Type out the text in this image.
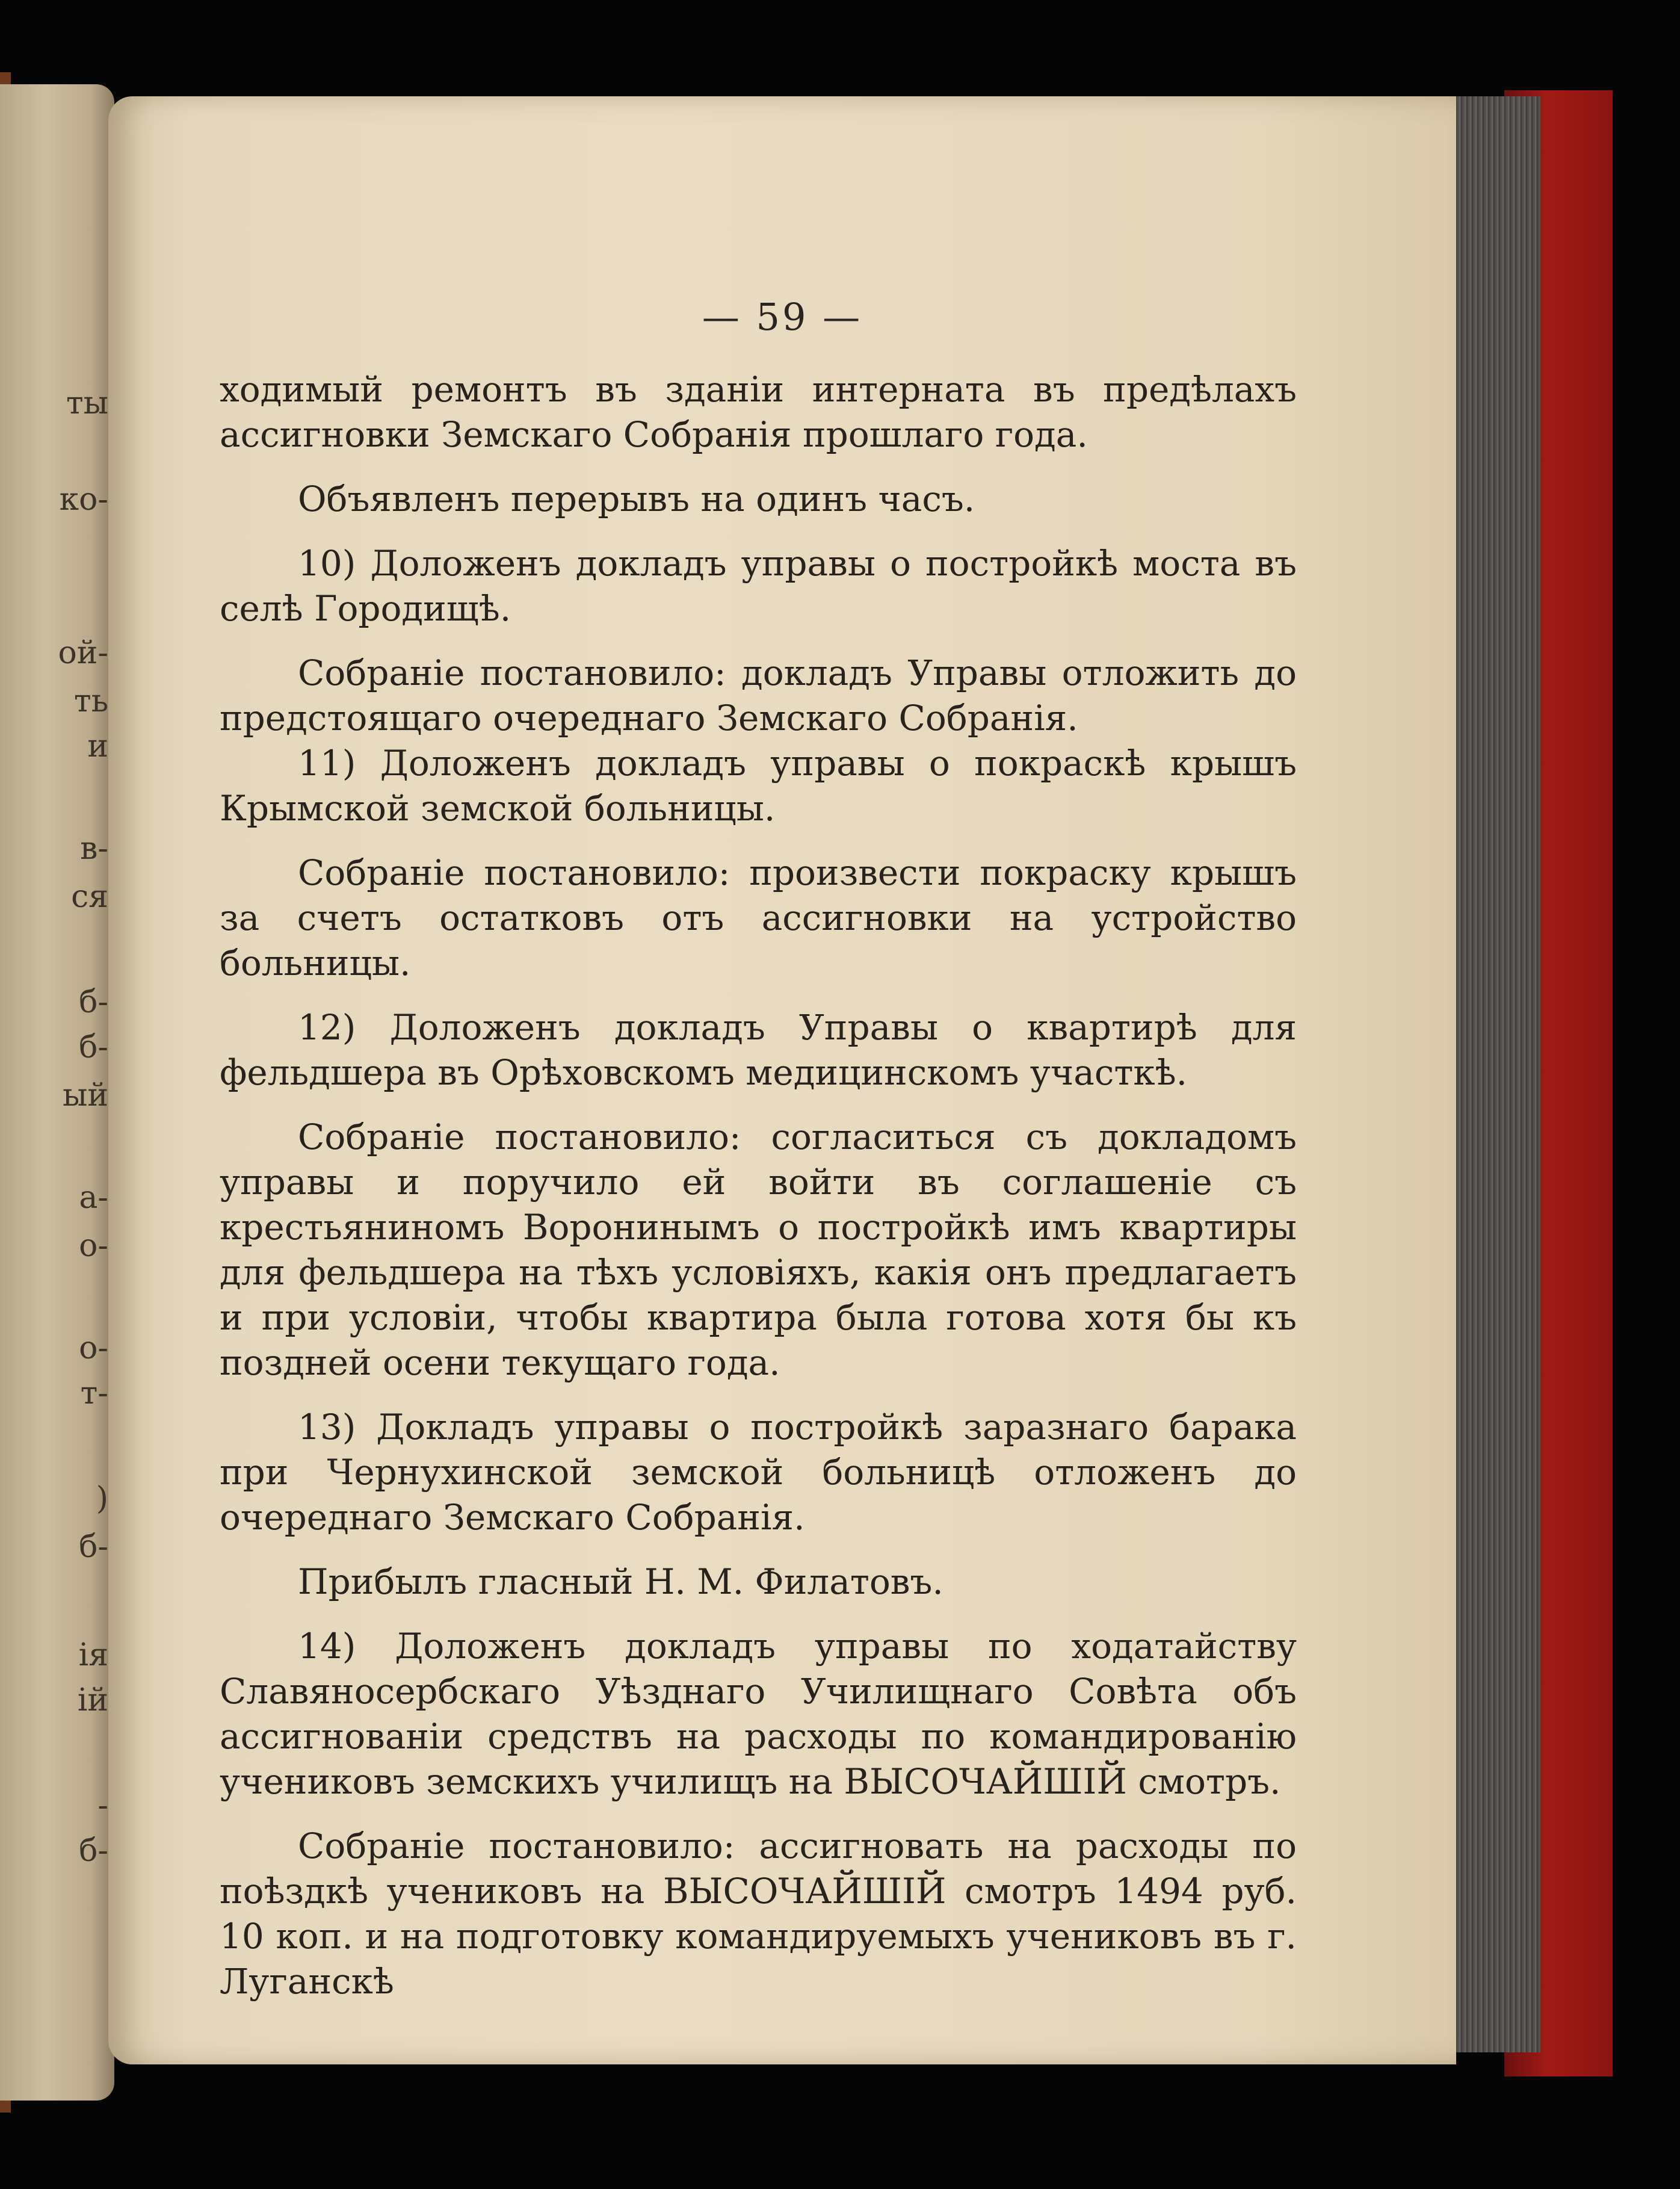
ты
ко-
ой-
ть
и
в-
ся
б-
б-
ый
а-
о-
о-
т-
)
б-
ія
ій
-
б-
— 59 —

ходимый ремонтъ въ зданіи интерната въ предѣлахъ ассигновки Земскаго Собранія прошлаго года.

Объявленъ перерывъ на одинъ часъ.

10) Доложенъ докладъ управы о постройкѣ моста въ селѣ Городищѣ.

Собраніе постановило: докладъ Управы отложить до предстоящаго очереднаго Земскаго Собранія.

11) Доложенъ докладъ управы о покраскѣ крышъ Крымской земской больницы.

Собраніе постановило: произвести покраску крышъ за счетъ остатковъ отъ ассигновки на устройство больницы.

12) Доложенъ докладъ Управы о квартирѣ для фельдшера въ Орѣховскомъ медицинскомъ участкѣ.

Собраніе постановило: согласиться съ докладомъ управы и поручило ей войти въ соглашеніе съ крестьяниномъ Воронинымъ о постройкѣ имъ квартиры для фельдшера на тѣхъ условіяхъ, какія онъ предлагаетъ и при условіи, чтобы квартира была готова хотя бы къ поздней осени текущаго года.

13) Докладъ управы о постройкѣ заразнаго барака при Чернухинской земской больницѣ отложенъ до очереднаго Земскаго Собранія.

Прибылъ гласный Н. М. Филатовъ.

14) Доложенъ докладъ управы по ходатайству Славяносербскаго Уѣзднаго Училищнаго Совѣта объ ассигнованіи средствъ на расходы по командированію учениковъ земскихъ училищъ на ВЫСОЧАЙШІЙ смотръ.

Собраніе постановило: ассигновать на расходы по поѣздкѣ учениковъ на ВЫСОЧАЙШІЙ смотръ 1494 руб. 10 коп. и на подготовку командируемыхъ учениковъ въ г. Луганскѣ
